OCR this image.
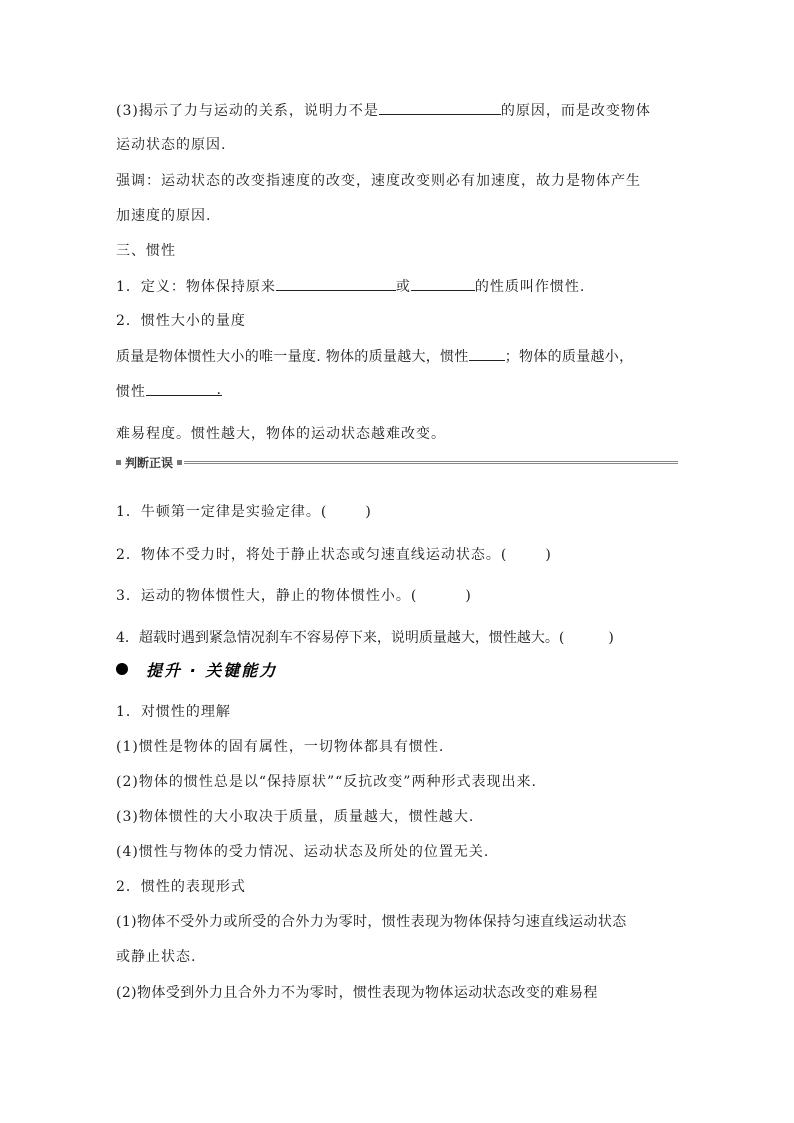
(3)揭示了力与运动的关系，说明力不是	的原因，而是改变物体

运动状态的原因.

强调：运动状态的改变指速度的改变，速度改变则必有加速度，故力是物体产生

加速度的原因.

三、惯性

1．定义：物体保持原来	或	的性质叫作惯性.

2．惯性大小的量度

质量是物体惯性大小的唯一量度. 物体的质量越大，惯性	；物体的质量越小，

惯性	.

难易程度。惯性越大，物体的运动状态越难改变。

判断正误

1．牛顿第一定律是实验定律。(	)

2．物体不受力时，将处于静止状态或匀速直线运动状态。(	)

3．运动的物体惯性大，静止的物体惯性小。(	)

4．超载时遇到紧急情况刹车不容易停下来，说明质量越大，惯性越大。(	)

提升 · 关键能力

1．对惯性的理解

(1)惯性是物体的固有属性，一切物体都具有惯性.

(2)物体的惯性总是以“保持原状”“反抗改变”两种形式表现出来.

(3)物体惯性的大小取决于质量，质量越大，惯性越大.

(4)惯性与物体的受力情况、运动状态及所处的位置无关.

2．惯性的表现形式

(1)物体不受外力或所受的合外力为零时，惯性表现为物体保持匀速直线运动状态

或静止状态.

(2)物体受到外力且合外力不为零时，惯性表现为物体运动状态改变的难易程
